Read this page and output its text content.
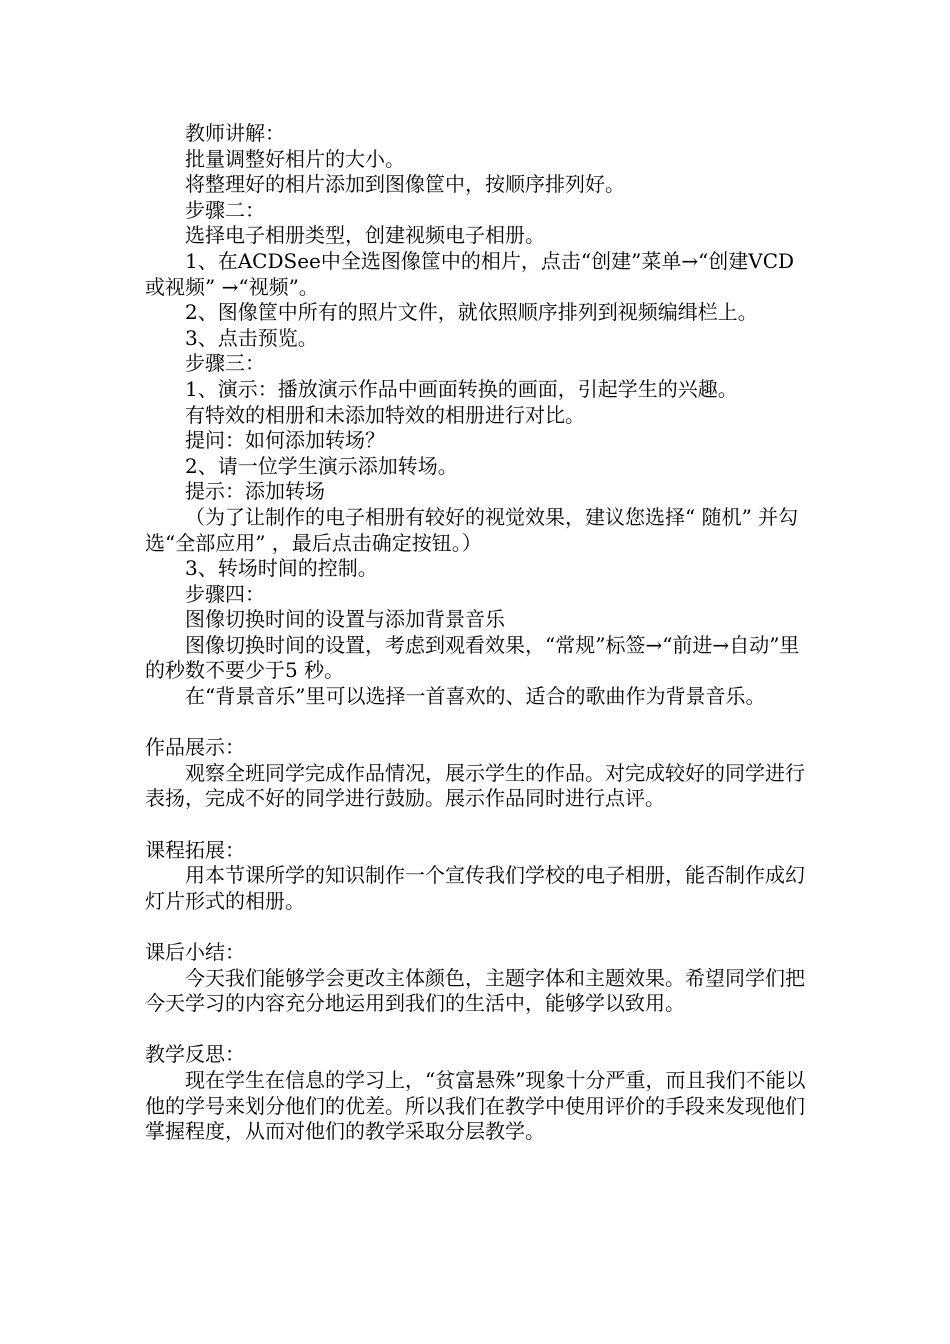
教师讲解：

批量调整好相片的大小。

将整理好的相片添加到图像筐中，按顺序排列好。

步骤二：

选择电子相册类型，创建视频电子相册。

1、在ACDSee中全选图像筐中的相片，点击“创建”菜单→“创建VCD或视频” →“视频”。

2、图像筐中所有的照片文件，就依照顺序排列到视频编缉栏上。

3、点击预览。

步骤三：

1、演示：播放演示作品中画面转换的画面，引起学生的兴趣。

有特效的相册和未添加特效的相册进行对比。

提问：如何添加转场？

2、请一位学生演示添加转场。

提示：添加转场

（为了让制作的电子相册有较好的视觉效果，建议您选择“ 随机” 并勾选“全部应用” ，最后点击确定按钮。）

3、转场时间的控制。

步骤四：

图像切换时间的设置与添加背景音乐

图像切换时间的设置，考虑到观看效果，“常规”标签→“前进→自动”里的秒数不要少于5 秒。

在“背景音乐”里可以选择一首喜欢的、适合的歌曲作为背景音乐。

作品展示：

观察全班同学完成作品情况，展示学生的作品。对完成较好的同学进行表扬，完成不好的同学进行鼓励。展示作品同时进行点评。

课程拓展：

用本节课所学的知识制作一个宣传我们学校的电子相册，能否制作成幻灯片形式的相册。

课后小结：

今天我们能够学会更改主体颜色，主题字体和主题效果。希望同学们把今天学习的内容充分地运用到我们的生活中，能够学以致用。

教学反思：

现在学生在信息的学习上，“贫富悬殊”现象十分严重，而且我们不能以他的学号来划分他们的优差。所以我们在教学中使用评价的手段来发现他们掌握程度，从而对他们的教学采取分层教学。
